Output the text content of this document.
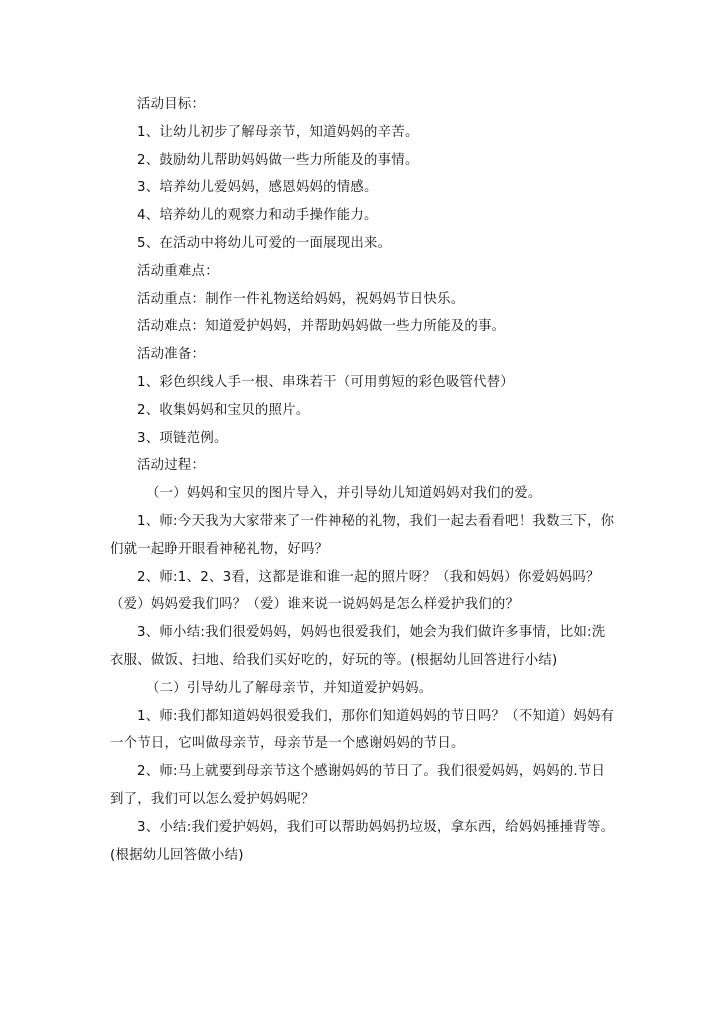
活动目标：
1、让幼儿初步了解母亲节，知道妈妈的辛苦。
2、鼓励幼儿帮助妈妈做一些力所能及的事情。
3、培养幼儿爱妈妈，感恩妈妈的情感。
4、培养幼儿的观察力和动手操作能力。
5、在活动中将幼儿可爱的一面展现出来。
活动重难点：
活动重点：制作一件礼物送给妈妈，祝妈妈节日快乐。
活动难点：知道爱护妈妈，并帮助妈妈做一些力所能及的事。
活动准备：
1、彩色织线人手一根、串珠若干（可用剪短的彩色吸管代替）
2、收集妈妈和宝贝的照片。
3、项链范例。
活动过程：
（一）妈妈和宝贝的图片导入，并引导幼儿知道妈妈对我们的爱。
1、师:今天我为大家带来了一件神秘的礼物，我们一起去看看吧！我数三下，你们就一起睁开眼看神秘礼物，好吗？
2、师:1、2、3看，这都是谁和谁一起的照片呀？（我和妈妈）你爱妈妈吗？（爱）妈妈爱我们吗？（爱）谁来说一说妈妈是怎么样爱护我们的？
3、师小结:我们很爱妈妈，妈妈也很爱我们，她会为我们做许多事情，比如:洗衣服、做饭、扫地、给我们买好吃的，好玩的等。(根据幼儿回答进行小结)
（二）引导幼儿了解母亲节，并知道爱护妈妈。
1、师:我们都知道妈妈很爱我们，那你们知道妈妈的节日吗？（不知道）妈妈有一个节日，它叫做母亲节，母亲节是一个感谢妈妈的节日。
2、师:马上就要到母亲节这个感谢妈妈的节日了。我们很爱妈妈，妈妈的.节日到了，我们可以怎么爱护妈妈呢？
3、小结:我们爱护妈妈，我们可以帮助妈妈扔垃圾，拿东西，给妈妈捶捶背等。(根据幼儿回答做小结)
